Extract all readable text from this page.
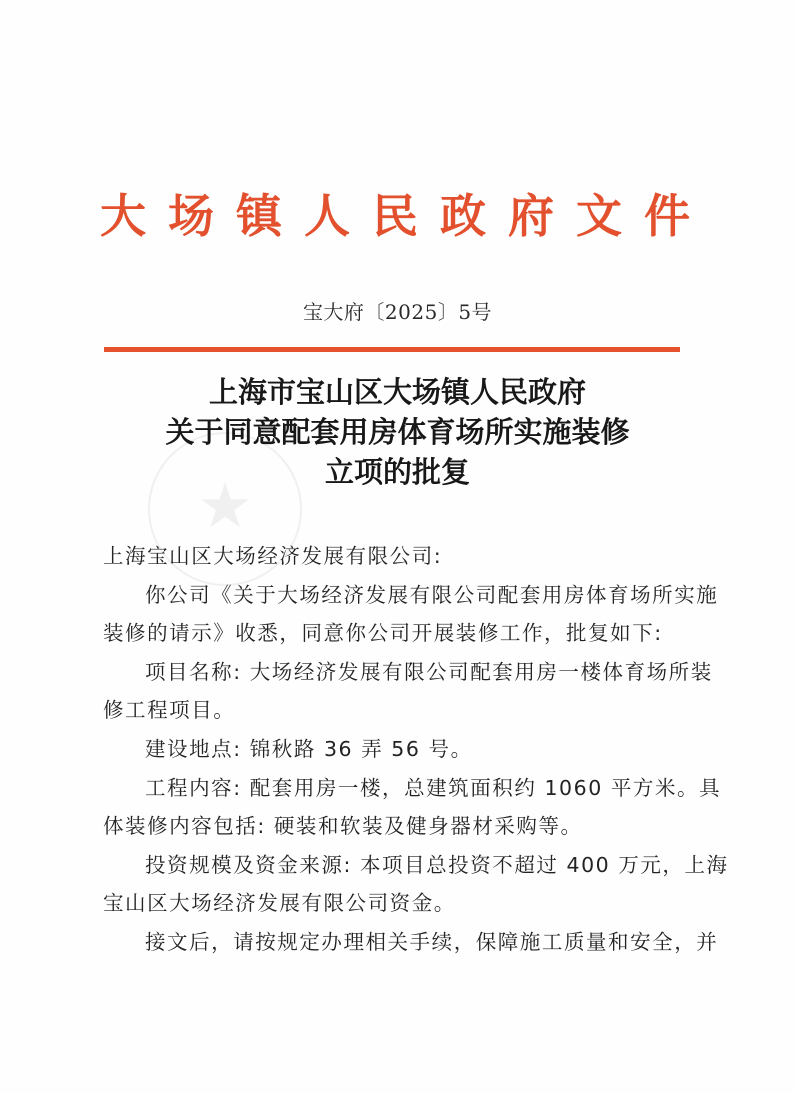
大 场 镇 人 民 政 府 文 件
宝大府〔2025〕5号
★
上海市宝山区大场镇人民政府
关于同意配套用房体育场所实施装修
立项的批复
上海宝山区大场经济发展有限公司:
你公司《关于大场经济发展有限公司配套用房体育场所实施
装修的请示》收悉，同意你公司开展装修工作，批复如下:
项目名称: 大场经济发展有限公司配套用房一楼体育场所装
修工程项目。
建设地点: 锦秋路 36 弄 56 号。
工程内容: 配套用房一楼，总建筑面积约 1060 平方米。具
体装修内容包括: 硬装和软装及健身器材采购等。
投资规模及资金来源: 本项目总投资不超过 400 万元，上海
宝山区大场经济发展有限公司资金。
接文后，请按规定办理相关手续，保障施工质量和安全，并
